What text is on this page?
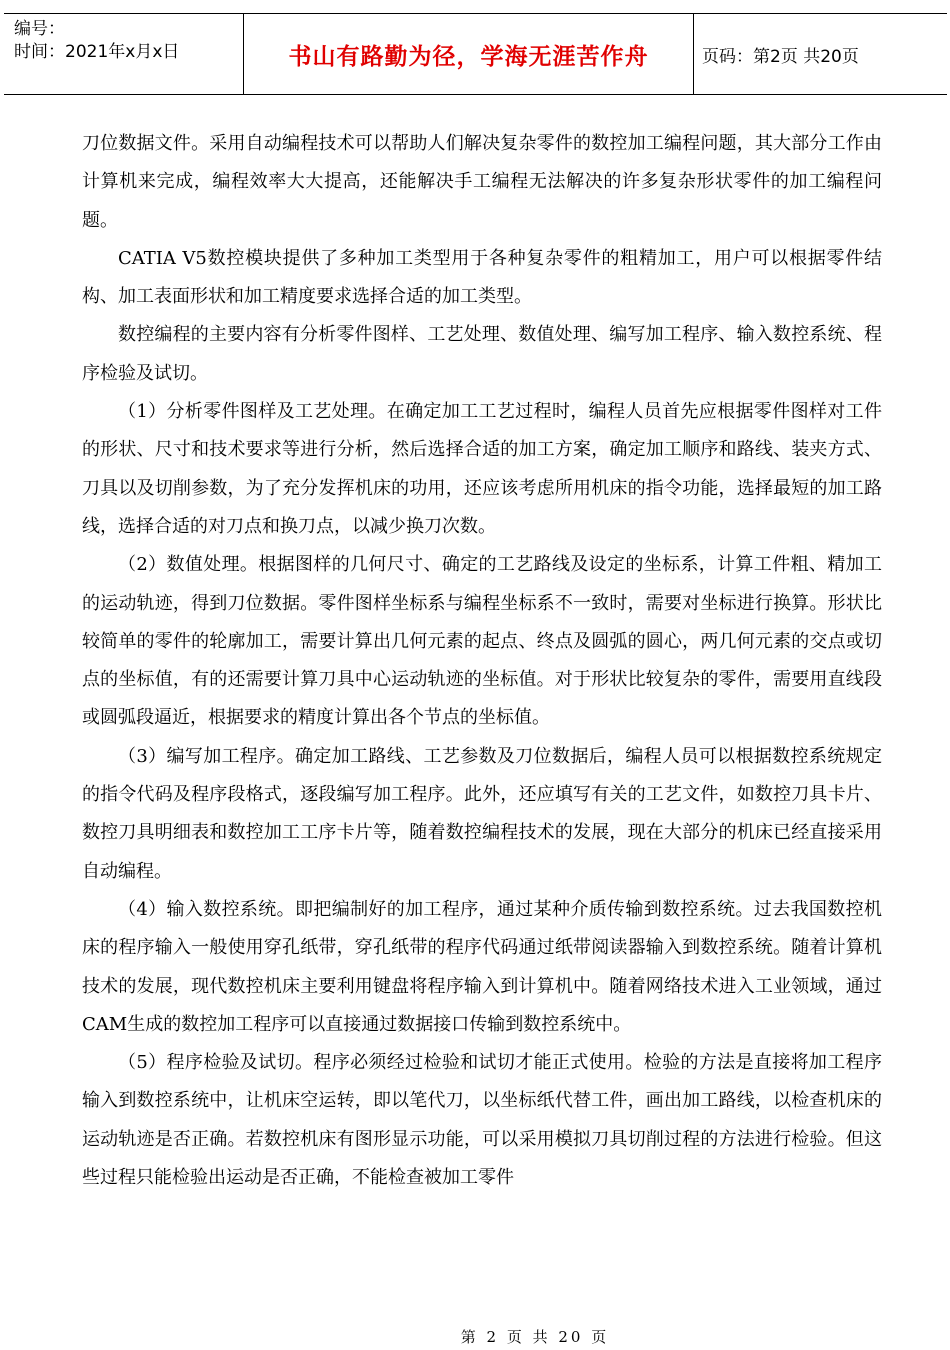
编号：
时间：2021年x月x日	书山有路勤为径，学海无涯苦作舟	页码：第2页 共20页

刀位数据文件。采用自动编程技术可以帮助人们解决复杂零件的数控加工编程问题，其大部分工作由计算机来完成，编程效率大大提高，还能解决手工编程无法解决的许多复杂形状零件的加工编程问题。

CATIA V5数控模块提供了多种加工类型用于各种复杂零件的粗精加工，用户可以根据零件结构、加工表面形状和加工精度要求选择合适的加工类型。

数控编程的主要内容有分析零件图样、工艺处理、数值处理、编写加工程序、输入数控系统、程序检验及试切。

（1）分析零件图样及工艺处理。在确定加工工艺过程时，编程人员首先应根据零件图样对工件的形状、尺寸和技术要求等进行分析，然后选择合适的加工方案，确定加工顺序和路线、装夹方式、刀具以及切削参数，为了充分发挥机床的功用，还应该考虑所用机床的指令功能，选择最短的加工路线，选择合适的对刀点和换刀点，以减少换刀次数。

（2）数值处理。根据图样的几何尺寸、确定的工艺路线及设定的坐标系，计算工件粗、精加工的运动轨迹，得到刀位数据。零件图样坐标系与编程坐标系不一致时，需要对坐标进行换算。形状比较简单的零件的轮廓加工，需要计算出几何元素的起点、终点及圆弧的圆心，两几何元素的交点或切点的坐标值，有的还需要计算刀具中心运动轨迹的坐标值。对于形状比较复杂的零件，需要用直线段或圆弧段逼近，根据要求的精度计算出各个节点的坐标值。

（3）编写加工程序。确定加工路线、工艺参数及刀位数据后，编程人员可以根据数控系统规定的指令代码及程序段格式，逐段编写加工程序。此外，还应填写有关的工艺文件，如数控刀具卡片、数控刀具明细表和数控加工工序卡片等，随着数控编程技术的发展，现在大部分的机床已经直接采用自动编程。

（4）输入数控系统。即把编制好的加工程序，通过某种介质传输到数控系统。过去我国数控机床的程序输入一般使用穿孔纸带，穿孔纸带的程序代码通过纸带阅读器输入到数控系统。随着计算机技术的发展，现代数控机床主要利用键盘将程序输入到计算机中。随着网络技术进入工业领域，通过CAM生成的数控加工程序可以直接通过数据接口传输到数控系统中。

（5）程序检验及试切。程序必须经过检验和试切才能正式使用。检验的方法是直接将加工程序输入到数控系统中，让机床空运转，即以笔代刀，以坐标纸代替工件，画出加工路线，以检查机床的运动轨迹是否正确。若数控机床有图形显示功能，可以采用模拟刀具切削过程的方法进行检验。但这些过程只能检验出运动是否正确，不能检查被加工零件

第 2 页 共 20 页
